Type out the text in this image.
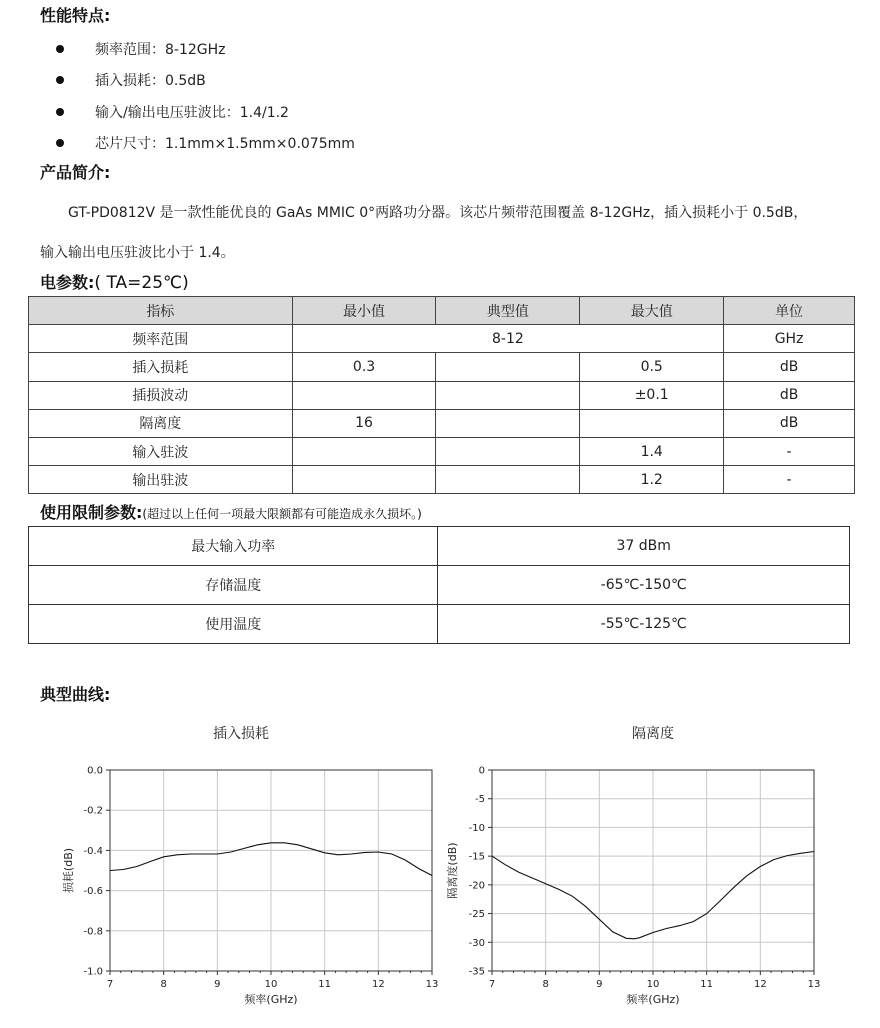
性能特点:
频率范围：8-12GHz
插入损耗：0.5dB
输入/输出电压驻波比：1.4/1.2
芯片尺寸：1.1mm×1.5mm×0.075mm
产品简介:
GT-PD0812V 是一款性能优良的 GaAs MMIC 0°两路功分器。该芯片频带范围覆盖 8-12GHz，插入损耗小于 0.5dB，
输入输出电压驻波比小于 1.4。
电参数:( TA=25℃)
指标	最小值	典型值	最大值	单位
频率范围	8-12			GHz
插入损耗	0.3		0.5	dB
插损波动			±0.1	dB
隔离度	16			dB
输入驻波			1.4	-
输出驻波			1.2	-
使用限制参数:(超过以上任何一项最大限额都有可能造成永久损坏。)
最大输入功率	37 dBm
存储温度	-65℃-150℃
使用温度	-55℃-125℃
典型曲线:
插入损耗	隔离度
7	8	9	10	11	12	13
0.0
-0.2
-0.4
-0.6
-0.8
-1.0
频率(GHz)
损耗(dB)
7	8	9	10	11	12	13
0
-5
-10
-15
-20
-25
-30
-35
频率(GHz)
隔离度(dB)
